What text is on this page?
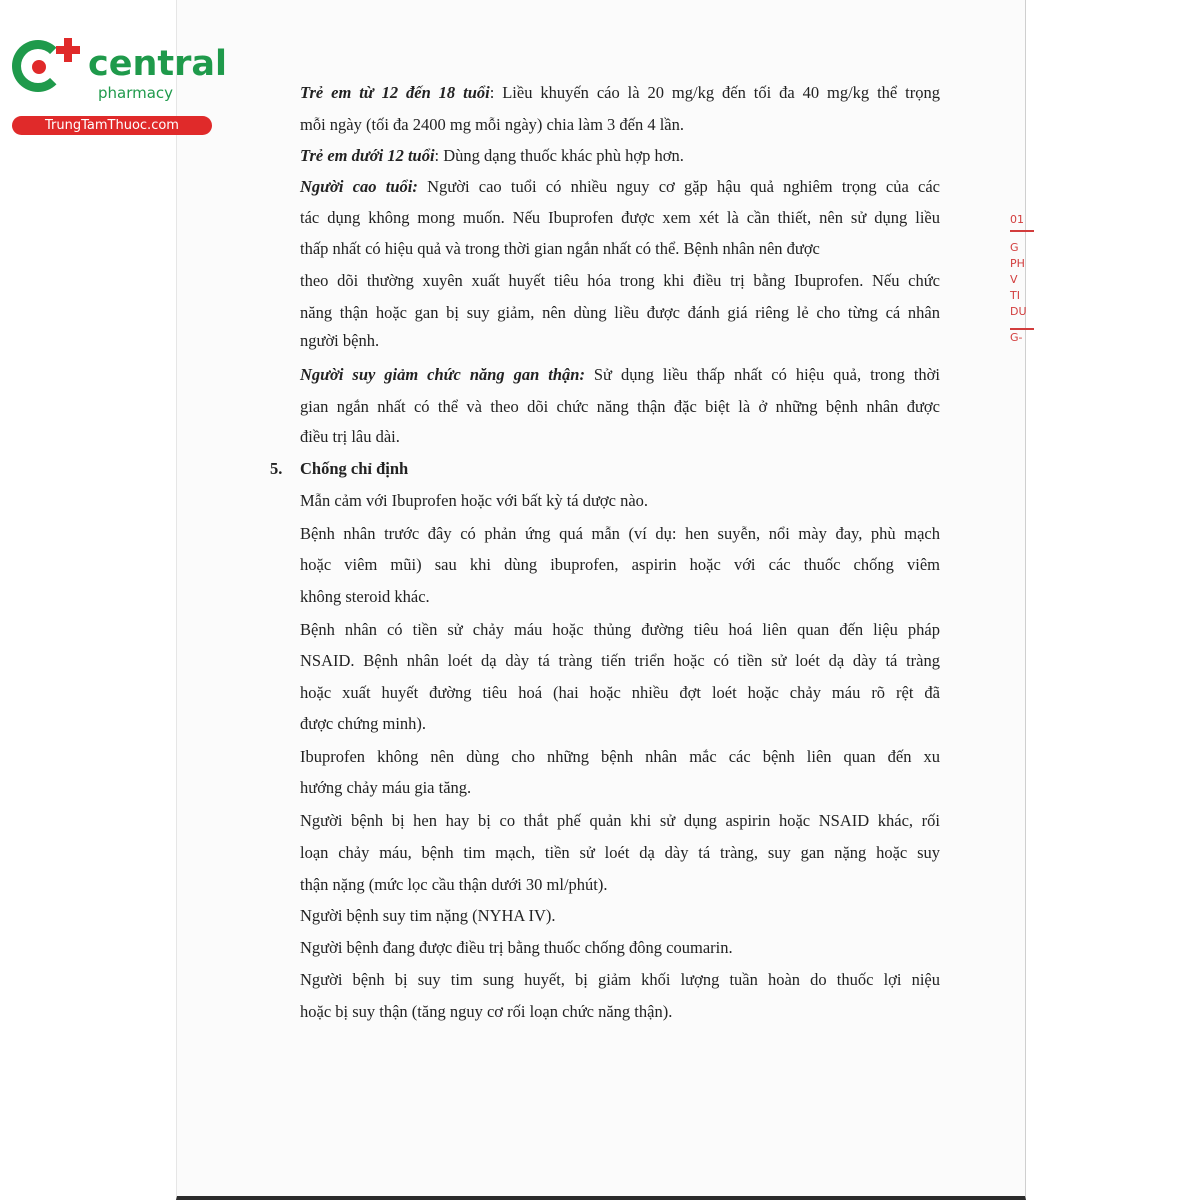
central
pharmacy
TrungTamThuoc.com
01
G
PH
V
TI
DU
G-
Trẻ em từ 12 đến 18 tuổi: Liều khuyến cáo là 20 mg/kg đến tối đa 40 mg/kg thể trọng
mỗi ngày (tối đa 2400 mg mỗi ngày) chia làm 3 đến 4 lần.
Trẻ em dưới 12 tuổi: Dùng dạng thuốc khác phù hợp hơn.
Người cao tuổi: Người cao tuổi có nhiều nguy cơ gặp hậu quả nghiêm trọng của các
tác dụng không mong muốn. Nếu Ibuprofen được xem xét là cần thiết, nên sử dụng liều
thấp nhất có hiệu quả và trong thời gian ngắn nhất có thể. Bệnh nhân nên được
theo dõi thường xuyên xuất huyết tiêu hóa trong khi điều trị bằng Ibuprofen. Nếu chức
năng thận hoặc gan bị suy giảm, nên dùng liều được đánh giá riêng lẻ cho từng cá nhân
người bệnh.
Người suy giảm chức năng gan thận: Sử dụng liều thấp nhất có hiệu quả, trong thời
gian ngắn nhất có thể và theo dõi chức năng thận đặc biệt là ở những bệnh nhân được
điều trị lâu dài.
5. Chống chỉ định
Mẫn cảm với Ibuprofen hoặc với bất kỳ tá dược nào.
Bệnh nhân trước đây có phản ứng quá mẫn (ví dụ: hen suyễn, nổi mày đay, phù mạch
hoặc viêm mũi) sau khi dùng ibuprofen, aspirin hoặc với các thuốc chống viêm
không steroid khác.
Bệnh nhân có tiền sử chảy máu hoặc thủng đường tiêu hoá liên quan đến liệu pháp
NSAID. Bệnh nhân loét dạ dày tá tràng tiến triển hoặc có tiền sử loét dạ dày tá tràng
hoặc xuất huyết đường tiêu hoá (hai hoặc nhiều đợt loét hoặc chảy máu rõ rệt đã
được chứng minh).
Ibuprofen không nên dùng cho những bệnh nhân mắc các bệnh liên quan đến xu
hướng chảy máu gia tăng.
Người bệnh bị hen hay bị co thắt phế quản khi sử dụng aspirin hoặc NSAID khác, rối
loạn chảy máu, bệnh tim mạch, tiền sử loét dạ dày tá tràng, suy gan nặng hoặc suy
thận nặng (mức lọc cầu thận dưới 30 ml/phút).
Người bệnh suy tim nặng (NYHA IV).
Người bệnh đang được điều trị bằng thuốc chống đông coumarin.
Người bệnh bị suy tim sung huyết, bị giảm khối lượng tuần hoàn do thuốc lợi niệu
hoặc bị suy thận (tăng nguy cơ rối loạn chức năng thận).
